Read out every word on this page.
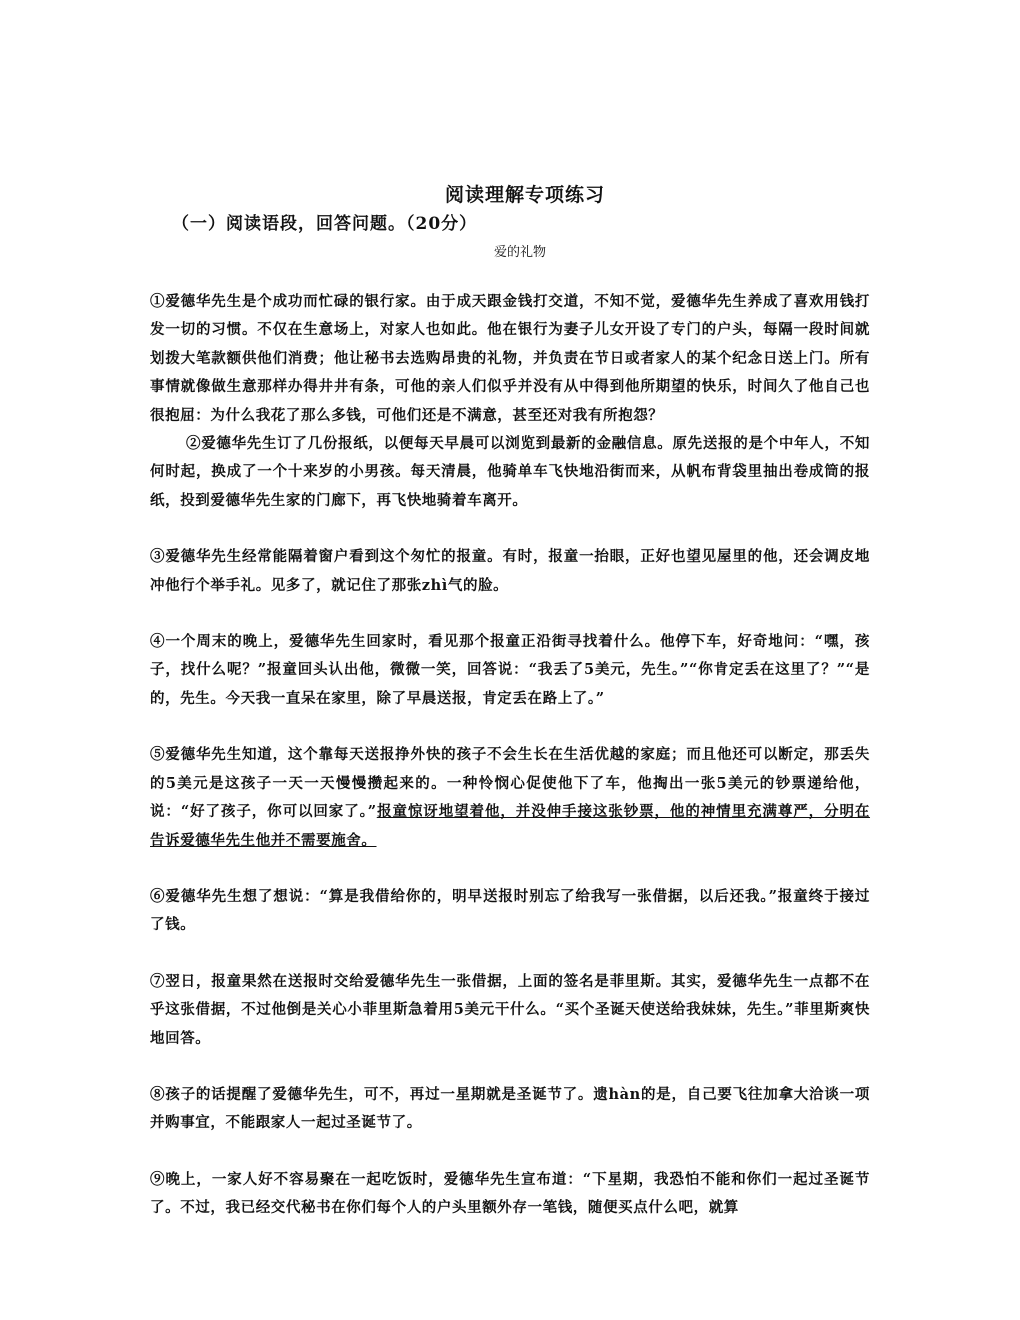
阅读理解专项练习
（一）阅读语段，回答问题。（20分）
爱的礼物

①爱德华先生是个成功而忙碌的银行家。由于成天跟金钱打交道，不知不觉，爱德华先生养成了喜欢用钱打发一切的习惯。不仅在生意场上，对家人也如此。他在银行为妻子儿女开设了专门的户头，每隔一段时间就划拨大笔款额供他们消费；他让秘书去选购昂贵的礼物，并负责在节日或者家人的某个纪念日送上门。所有事情就像做生意那样办得井井有条，可他的亲人们似乎并没有从中得到他所期望的快乐，时间久了他自己也很抱屈：为什么我花了那么多钱，可他们还是不满意，甚至还对我有所抱怨？

②爱德华先生订了几份报纸，以便每天早晨可以浏览到最新的金融信息。原先送报的是个中年人，不知何时起，换成了一个十来岁的小男孩。每天清晨，他骑单车飞快地沿街而来，从帆布背袋里抽出卷成筒的报纸，投到爱德华先生家的门廊下，再飞快地骑着车离开。

③爱德华先生经常能隔着窗户看到这个匆忙的报童。有时，报童一抬眼，正好也望见屋里的他，还会调皮地冲他行个举手礼。见多了，就记住了那张zhì气的脸。

④一个周末的晚上，爱德华先生回家时，看见那个报童正沿街寻找着什么。他停下车，好奇地问：“嘿，孩子，找什么呢？”报童回头认出他，微微一笑，回答说：“我丢了5美元，先生。”“你肯定丢在这里了？”“是的，先生。今天我一直呆在家里，除了早晨送报，肯定丢在路上了。”

⑤爱德华先生知道，这个靠每天送报挣外快的孩子不会生长在生活优越的家庭；而且他还可以断定，那丢失的5美元是这孩子一天一天慢慢攒起来的。一种怜悯心促使他下了车，他掏出一张5美元的钞票递给他，说：“好了孩子，你可以回家了。”报童惊讶地望着他，并没伸手接这张钞票，他的神情里充满尊严，分明在告诉爱德华先生他并不需要施舍。

⑥爱德华先生想了想说：“算是我借给你的，明早送报时别忘了给我写一张借据，以后还我。”报童终于接过了钱。

⑦翌日，报童果然在送报时交给爱德华先生一张借据，上面的签名是菲里斯。其实，爱德华先生一点都不在乎这张借据，不过他倒是关心小菲里斯急着用5美元干什么。“买个圣诞天使送给我妹妹，先生。”菲里斯爽快地回答。

⑧孩子的话提醒了爱德华先生，可不，再过一星期就是圣诞节了。遗hàn的是，自己要飞往加拿大洽谈一项并购事宜，不能跟家人一起过圣诞节了。

⑨晚上，一家人好不容易聚在一起吃饭时，爱德华先生宣布道：“下星期，我恐怕不能和你们一起过圣诞节了。不过，我已经交代秘书在你们每个人的户头里额外存一笔钱，随便买点什么吧，就算
